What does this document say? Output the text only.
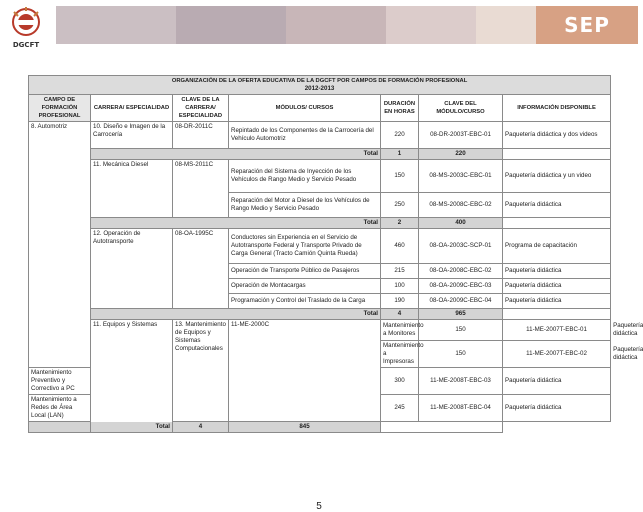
DGCFT
SEP
ORGANIZACIÓN DE LA OFERTA EDUCATIVA DE LA DGCFT POR CAMPOS DE FORMACIÓN PROFESIONAL
2012-2013							

CAMPO DE FORMACIÓN PROFESIONAL	CARRERA/ ESPECIALIDAD	CLAVE DE LA CARRERA/ ESPECIALIDAD	MÓDULOS/ CURSOS	DURACIÓN EN HORAS	CLAVE DEL MÓDULO/CURSO	INFORMACIÓN DISPONIBLE	
8. Automotriz	10. Diseño e Imagen de la Carrocería	08-DR-2011C	Repintado de los Componentes de la Carrocería del Vehículo Automotriz	220	08-DR-2003T-EBC-01	Paquetería didáctica y dos videos	
	Total			1	220		
	11. Mecánica Diesel	08-MS-2011C	Reparación del Sistema de Inyección de los Vehículos de Rango Medio y Servicio Pesado	150	08-MS-2003C-EBC-01	Paquetería didáctica y un video	
			Reparación del Motor a Diesel de los Vehículos de Rango Medio y Servicio Pesado	250	08-MS-2008C-EBC-02	Paquetería didáctica	
	Total			2	400		
	12. Operación de Autotransporte	08-OA-1995C	Conductores sin Experiencia en el Servicio de Autotransporte Federal y Transporte Privado de Carga General (Tracto Camión Quinta Rueda)	460	08-OA-2003C-SCP-01	Programa de capacitación	
			Operación de Transporte Público de Pasajeros	215	08-OA-2008C-EBC-02	Paquetería didáctica	
			Operación de Montacargas	100	08-OA-2009C-EBC-03	Paquetería didáctica	
			Programación y Control del Traslado de la Carga	190	08-OA-2009C-EBC-04	Paquetería didáctica	
	Total			4	965		
	11. Equipos y Sistemas	13. Mantenimiento de Equipos y Sistemas Computacionales	11-ME-2000C	Mantenimiento a Monitores	150	11-ME-2007T-EBC-01	Paquetería didáctica
				Mantenimiento a Impresoras	150	11-ME-2007T-EBC-02	Paquetería didáctica
Mantenimiento Preventivo y Correctivo a PC				300	11-ME-2008T-EBC-03	Paquetería didáctica	
Mantenimiento a Redes de Área Local (LAN)				245	11-ME-2008T-EBC-04	Paquetería didáctica	
Total		4	845				
5
